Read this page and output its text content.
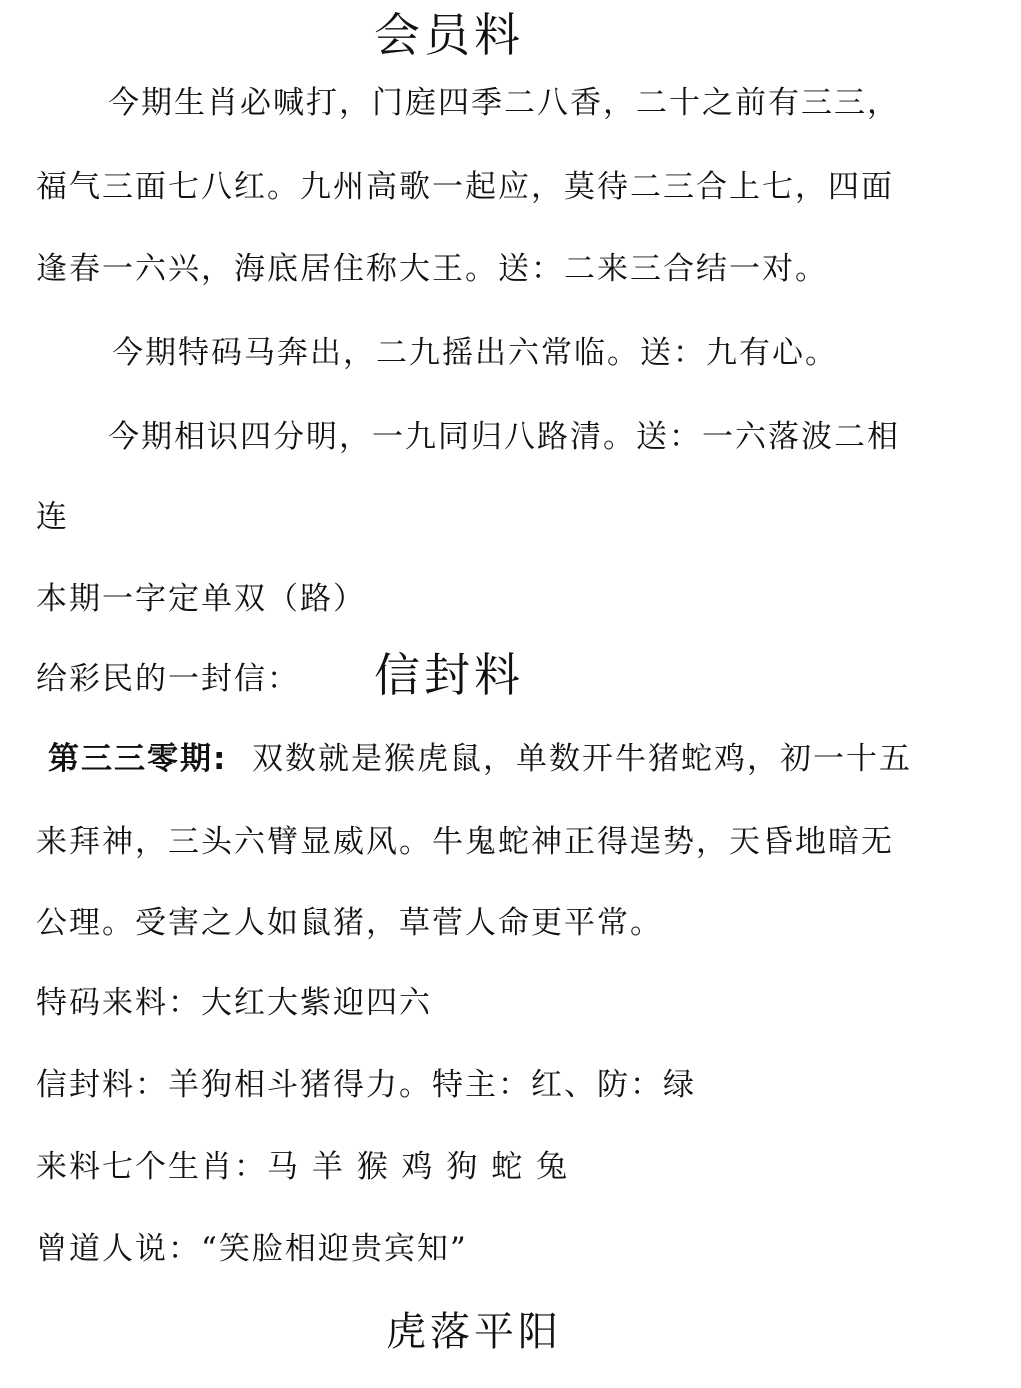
会员料
今期生肖必喊打，门庭四季二八香，二十之前有三三，
福气三面七八红。九州高歌一起应，莫待二三合上七，四面
逢春一六兴，海底居住称大王。送：二来三合结一对。
今期特码马奔出，二九摇出六常临。送：九有心。
今期相识四分明，一九同归八路清。送：一六落波二相
连
本期一字定单双（路）
给彩民的一封信： 信封料
第三三零期: 双数就是猴虎鼠，单数开牛猪蛇鸡，初一十五
来拜神，三头六臂显威风。牛鬼蛇神正得逞势，天昏地暗无
公理。受害之人如鼠猪，草菅人命更平常。
特码来料：大红大紫迎四六
信封料：羊狗相斗猪得力。特主：红、防：绿
来料七个生肖：马 羊 猴 鸡 狗 蛇 兔
曾道人说：“笑脸相迎贵宾知”
虎落平阳
